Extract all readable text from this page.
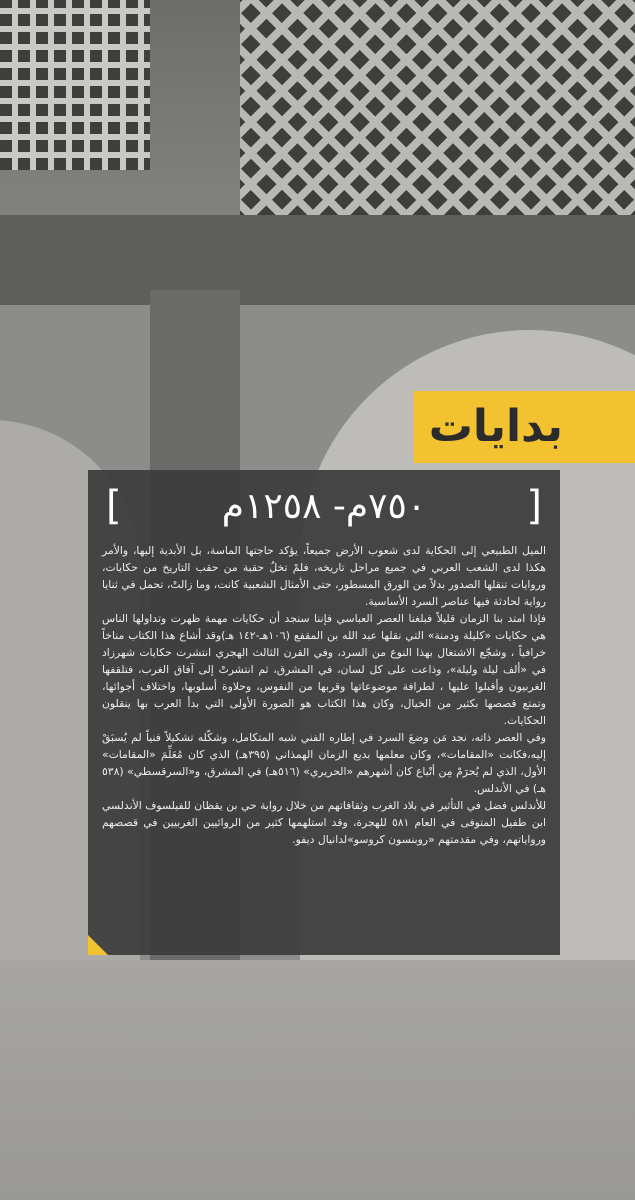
بدايات
[	٧٥٠م- ١٢٥٨م	]

الميل الطبيعي إلى الحكاية لدى شعوب الأرض جميعاً، يؤكد حاجتها الماسة، بل الأبدية إليها، والأمر هكذا لدى الشعب العربي في جميع مراحل تاريخه، فلمْ تخلُ حقبة من حقب التاريخ من حكايات، وروايات تنقلها الصدور بدلاً من الورق المسطور، حتى الأمثال الشعبية كانت، وما زالتْ، تحمل في ثنايا رواية لحادثة فيها عناصر السرد الأساسية.

فإذا امتد بنا الزمان قليلاً فبلغنا العصر العباسي فإننا سنجد أن حكايات مهمة ظهرت وتداولها الناس هي حكايات «كليلة ودمنة» التي نقلها عبد الله بن المقفع (١٠٦هـ-١٤٢ هـ)وقد أشاع هذا الكتاب مناخاً خرافياً ، وشجّع الاشتغال بهذا النوع من السرد، وفي القرن الثالث الهجري انتشرت حكايات شهرزاد في «ألف ليلة وليلة»، وذاعت على كل لسان، في المشرق، ثم انتشرتْ إلى آفاق الغرب، فتلقفها الغربيون وأقبلوا عليها ، لطرافة موضوعاتها وقربها من النفوس، وحلاوة أسلوبها، واختلاف أجوائها، وتمتع قصصها بكثير من الخيال، وكان هذا الكتاب هو الصورة الأولى التي بدأ العرب بها ينقلون الحكايات.

وفي العصر ذاته، نجد مَن وضعَ السرد في إطاره الفني شبه المتكامل، وشكّله تشكيلاً فنياً لم يُسبَقْ إليه،فكانت «المقامات»، وكان معلمها بديع الزمان الهمذاني (٣٩٥هـ) الذي كان مُعَلِّمَ «المقامات» الأول، الذي لم يُحرَمْ مِن أتْباع كان أشهرهم «الحريري» (٥١٦هـ) في المشرق، و«السرقسطي» (٥٣٨ هـ) في الأندلس.

للأندلس فضل في التأثير في بلاد الغرب وثقافاتهم من خلال رواية حي بن يقظان للفيلسوف الأندلسي ابن طفيل المتوفى في العام ٥٨١ للهجرة، وقد استلهمها كثير من الروائيين الغربيين في قصصهم ورواياتهم، وفي مقدمتهم «روبنسون كروسو»لدانيال ديفو.
